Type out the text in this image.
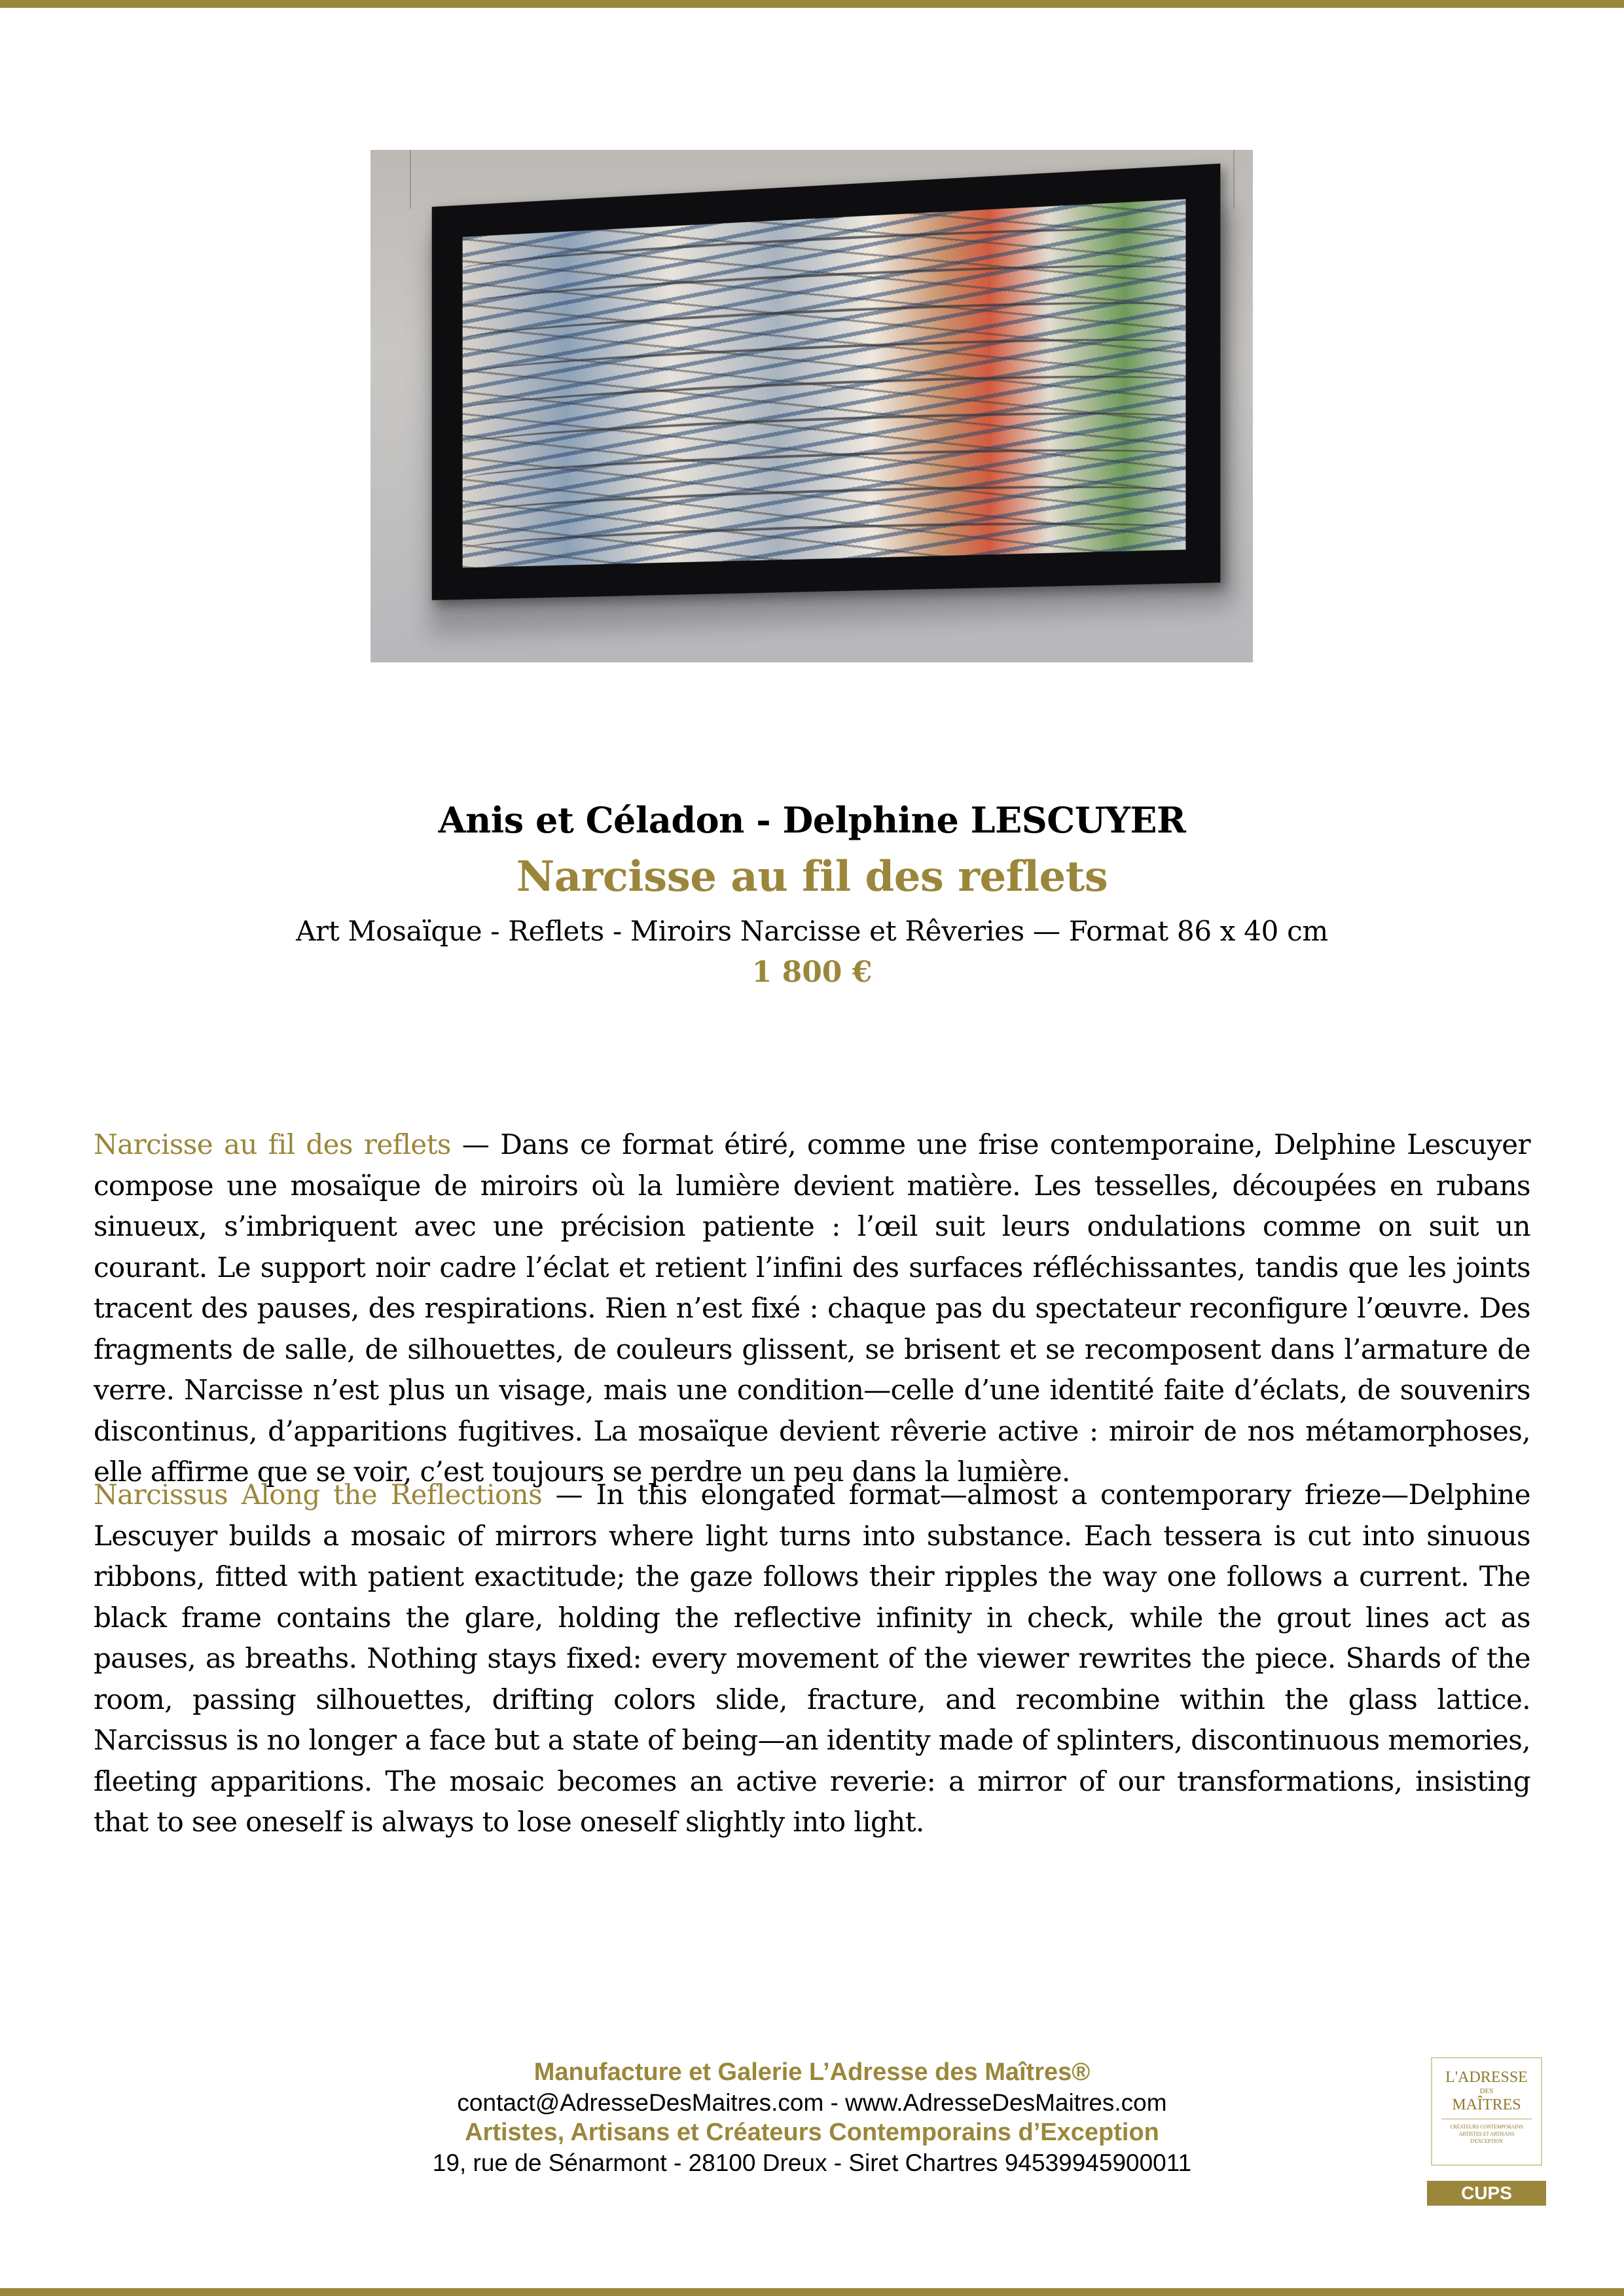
Anis et Céladon - Delphine LESCUYER
Narcisse au fil des reflets
Art Mosaïque - Reflets - Miroirs Narcisse et Rêveries — Format 86 x 40 cm
1 800 €

Narcisse au fil des reflets — Dans ce format étiré, comme une frise contemporaine, Delphine Lescuyer compose une mosaïque de miroirs où la lumière devient matière. Les tesselles, découpées en rubans sinueux, s’imbriquent avec une précision patiente : l’œil suit leurs ondulations comme on suit un courant. Le support noir cadre l’éclat et retient l’infini des surfaces réfléchissantes, tandis que les joints tracent des pauses, des respirations. Rien n’est fixé : chaque pas du spectateur reconfigure l’œuvre. Des fragments de salle, de silhouettes, de couleurs glissent, se brisent et se recomposent dans l’armature de verre. Narcisse n’est plus un visage, mais une condition—celle d’une identité faite d’éclats, de souvenirs discontinus, d’apparitions fugitives. La mosaïque devient rêverie active : miroir de nos métamorphoses, elle affirme que se voir, c’est toujours se perdre un peu dans la lumière.

Narcissus Along the Reflections — In this elongated format—almost a contemporary frieze—Delphine Lescuyer builds a mosaic of mirrors where light turns into substance. Each tessera is cut into sinuous ribbons, fitted with patient exactitude; the gaze follows their ripples the way one follows a current. The black frame contains the glare, holding the reflective infinity in check, while the grout lines act as pauses, as breaths. Nothing stays fixed: every movement of the viewer rewrites the piece. Shards of the room, passing silhouettes, drifting colors slide, fracture, and recombine within the glass lattice. Narcissus is no longer a face but a state of being—an identity made of splinters, discontinuous memories, fleeting apparitions. The mosaic becomes an active reverie: a mirror of our transformations, insisting that to see oneself is always to lose oneself slightly into light.

Manufacture et Galerie L’Adresse des Maîtres®
contact@AdresseDesMaitres.com - www.AdresseDesMaitres.com
Artistes, Artisans et Créateurs Contemporains d’Exception
19, rue de Sénarmont - 28100 Dreux - Siret Chartres 94539945900011
L'ADRESSE
DES
MAÎTRES
CRÉATEURS CONTEMPORAINS
ARTISTES ET ARTISANS
D'EXCEPTION
CUPS
